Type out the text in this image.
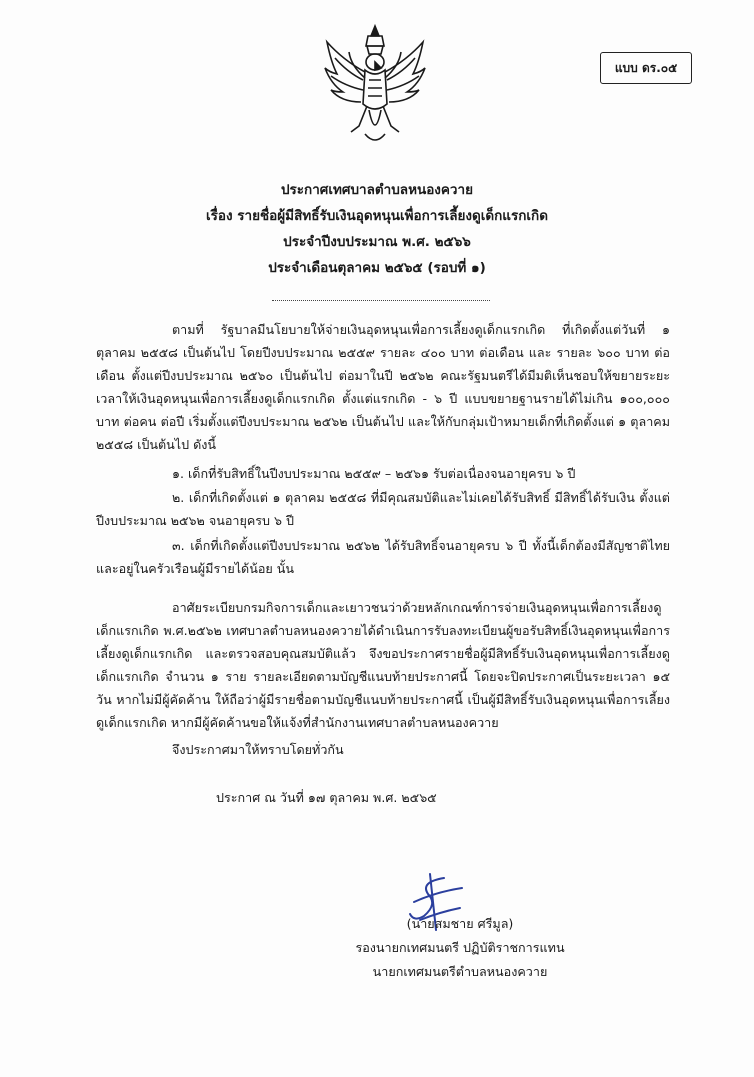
แบบ ดร.๐๕
ประกาศเทศบาลตำบลหนองควาย
เรื่อง รายชื่อผู้มีสิทธิ์รับเงินอุดหนุนเพื่อการเลี้ยงดูเด็กแรกเกิด
ประจำปีงบประมาณ พ.ศ. ๒๕๖๖
ประจำเดือนตุลาคม ๒๕๖๕ (รอบที่ ๑)
ตามที่ รัฐบาลมีนโยบายให้จ่ายเงินอุดหนุนเพื่อการเลี้ยงดูเด็กแรกเกิด ที่เกิดตั้งแต่วันที่ ๑ ตุลาคม ๒๕๕๘ เป็นต้นไป โดยปีงบประมาณ ๒๕๕๙ รายละ ๔๐๐ บาท ต่อเดือน และ รายละ ๖๐๐ บาท ต่อเดือน ตั้งแต่ปีงบประมาณ ๒๕๖๐ เป็นต้นไป ต่อมาในปี ๒๕๖๒ คณะรัฐมนตรีได้มีมติเห็นชอบให้ขยายระยะเวลาให้เงินอุดหนุนเพื่อการเลี้ยงดูเด็กแรกเกิด ตั้งแต่แรกเกิด - ๖ ปี แบบขยายฐานรายได้ไม่เกิน ๑๐๐,๐๐๐ บาท ต่อคน ต่อปี เริ่มตั้งแต่ปีงบประมาณ ๒๕๖๒ เป็นต้นไป และให้กับกลุ่มเป้าหมายเด็กที่เกิดตั้งแต่ ๑ ตุลาคม ๒๕๕๘ เป็นต้นไป ดังนี้
๑. เด็กที่รับสิทธิ์ในปีงบประมาณ ๒๕๕๙ – ๒๕๖๑ รับต่อเนื่องจนอายุครบ ๖ ปี
๒. เด็กที่เกิดตั้งแต่ ๑ ตุลาคม ๒๕๕๘ ที่มีคุณสมบัติและไม่เคยได้รับสิทธิ์ มีสิทธิ์ได้รับเงิน ตั้งแต่ปีงบประมาณ ๒๕๖๒ จนอายุครบ ๖ ปี
๓. เด็กที่เกิดตั้งแต่ปีงบประมาณ ๒๕๖๒ ได้รับสิทธิ์จนอายุครบ ๖ ปี ทั้งนี้เด็กต้องมีสัญชาติไทยและอยู่ในครัวเรือนผู้มีรายได้น้อย นั้น
อาศัยระเบียบกรมกิจการเด็กและเยาวชนว่าด้วยหลักเกณฑ์การจ่ายเงินอุดหนุนเพื่อการเลี้ยงดูเด็กแรกเกิด พ.ศ.๒๕๖๒ เทศบาลตำบลหนองควายได้ดำเนินการรับลงทะเบียนผู้ขอรับสิทธิ์เงินอุดหนุนเพื่อการเลี้ยงดูเด็กแรกเกิด และตรวจสอบคุณสมบัติแล้ว จึงขอประกาศรายชื่อผู้มีสิทธิ์รับเงินอุดหนุนเพื่อการเลี้ยงดูเด็กแรกเกิด จำนวน ๑ ราย รายละเอียดตามบัญชีแนบท้ายประกาศนี้ โดยจะปิดประกาศเป็นระยะเวลา ๑๕ วัน หากไม่มีผู้คัดค้าน ให้ถือว่าผู้มีรายชื่อตามบัญชีแนบท้ายประกาศนี้ เป็นผู้มีสิทธิ์รับเงินอุดหนุนเพื่อการเลี้ยงดูเด็กแรกเกิด หากมีผู้คัดค้านขอให้แจ้งที่สำนักงานเทศบาลตำบลหนองควาย
จึงประกาศมาให้ทราบโดยทั่วกัน
ประกาศ ณ วันที่ ๑๗ ตุลาคม พ.ศ. ๒๕๖๕
(นายสมชาย ศรีมูล)
รองนายกเทศมนตรี ปฏิบัติราชการแทน
นายกเทศมนตรีตำบลหนองควาย
